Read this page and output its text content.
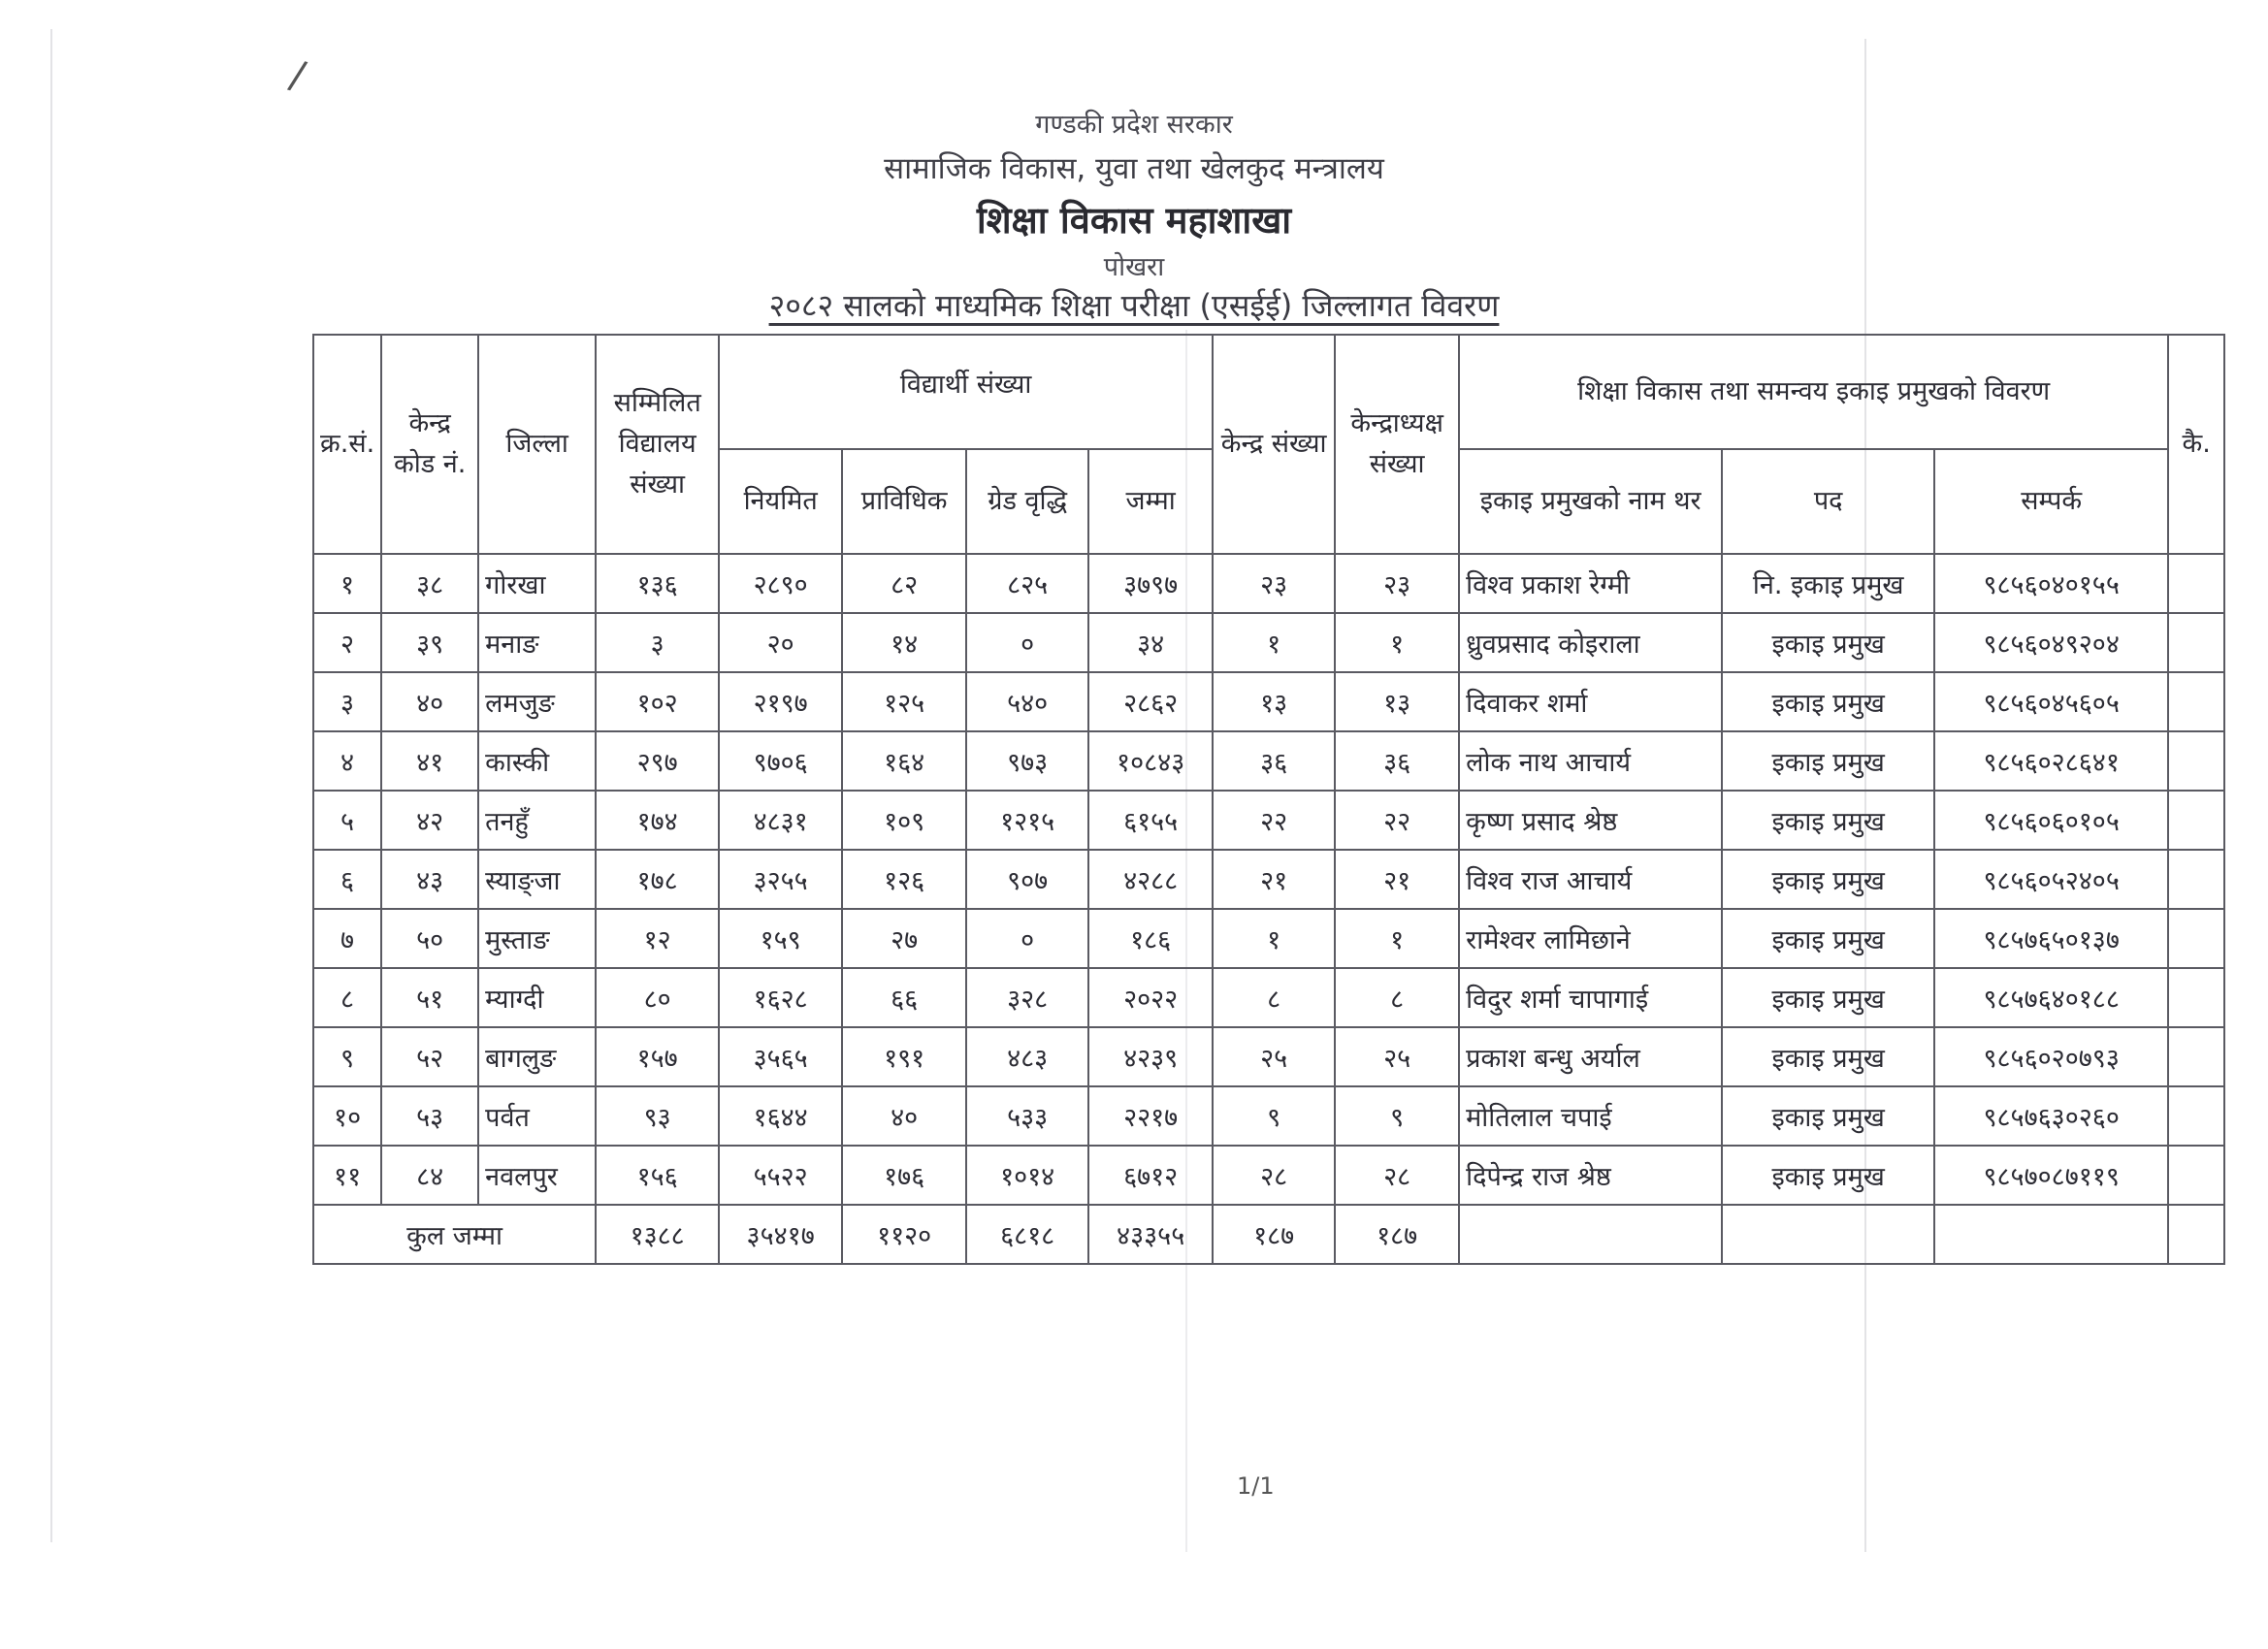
/
गण्डकी प्रदेश सरकार
सामाजिक विकास, युवा तथा खेलकुद मन्त्रालय
शिक्षा विकास महाशाखा
पोखरा
२०८२ सालको माध्यमिक शिक्षा परीक्षा (एसईई) जिल्लागत विवरण
क्र.सं.	केन्द्र कोड नं.	जिल्ला	सम्मिलित विद्यालय संख्या	विद्यार्थी संख्या				केन्द्र संख्या	केन्द्राध्यक्ष संख्या	शिक्षा विकास तथा समन्वय इकाइ प्रमुखको विवरण			कै.
				नियमित	प्राविधिक	ग्रेड वृद्धि	जम्मा			इकाइ प्रमुखको नाम थर	पद	सम्पर्क	
१	३८	गोरखा	१३६	२८९०	८२	८२५	३७९७	२३	२३	विश्व प्रकाश रेग्मी	नि. इकाइ प्रमुख	९८५६०४०१५५	
२	३९	मनाङ	३	२०	१४	०	३४	१	१	ध्रुवप्रसाद कोइराला	इकाइ प्रमुख	९८५६०४९२०४	
३	४०	लमजुङ	१०२	२१९७	१२५	५४०	२८६२	१३	१३	दिवाकर शर्मा	इकाइ प्रमुख	९८५६०४५६०५	
४	४१	कास्की	२९७	९७०६	१६४	९७३	१०८४३	३६	३६	लोक नाथ आचार्य	इकाइ प्रमुख	९८५६०२८६४१	
५	४२	तनहुँ	१७४	४८३१	१०९	१२१५	६१५५	२२	२२	कृष्ण प्रसाद श्रेष्ठ	इकाइ प्रमुख	९८५६०६०१०५	
६	४३	स्याङ्जा	१७८	३२५५	१२६	९०७	४२८८	२१	२१	विश्व राज आचार्य	इकाइ प्रमुख	९८५६०५२४०५	
७	५०	मुस्ताङ	१२	१५९	२७	०	१८६	१	१	रामेश्वर लामिछाने	इकाइ प्रमुख	९८५७६५०१३७	
८	५१	म्याग्दी	८०	१६२८	६६	३२८	२०२२	८	८	विदुर शर्मा चापागाई	इकाइ प्रमुख	९८५७६४०१८८	
९	५२	बागलुङ	१५७	३५६५	१९१	४८३	४२३९	२५	२५	प्रकाश बन्धु अर्याल	इकाइ प्रमुख	९८५६०२०७९३	
१०	५३	पर्वत	९३	१६४४	४०	५३३	२२१७	९	९	मोतिलाल चपाई	इकाइ प्रमुख	९८५७६३०२६०	
११	८४	नवलपुर	१५६	५५२२	१७६	१०१४	६७१२	२८	२८	दिपेन्द्र राज श्रेष्ठ	इकाइ प्रमुख	९८५७०८७११९	
कुल जम्मा			१३८८	३५४१७	११२०	६८१८	४३३५५	१८७	१८७				
1/1
